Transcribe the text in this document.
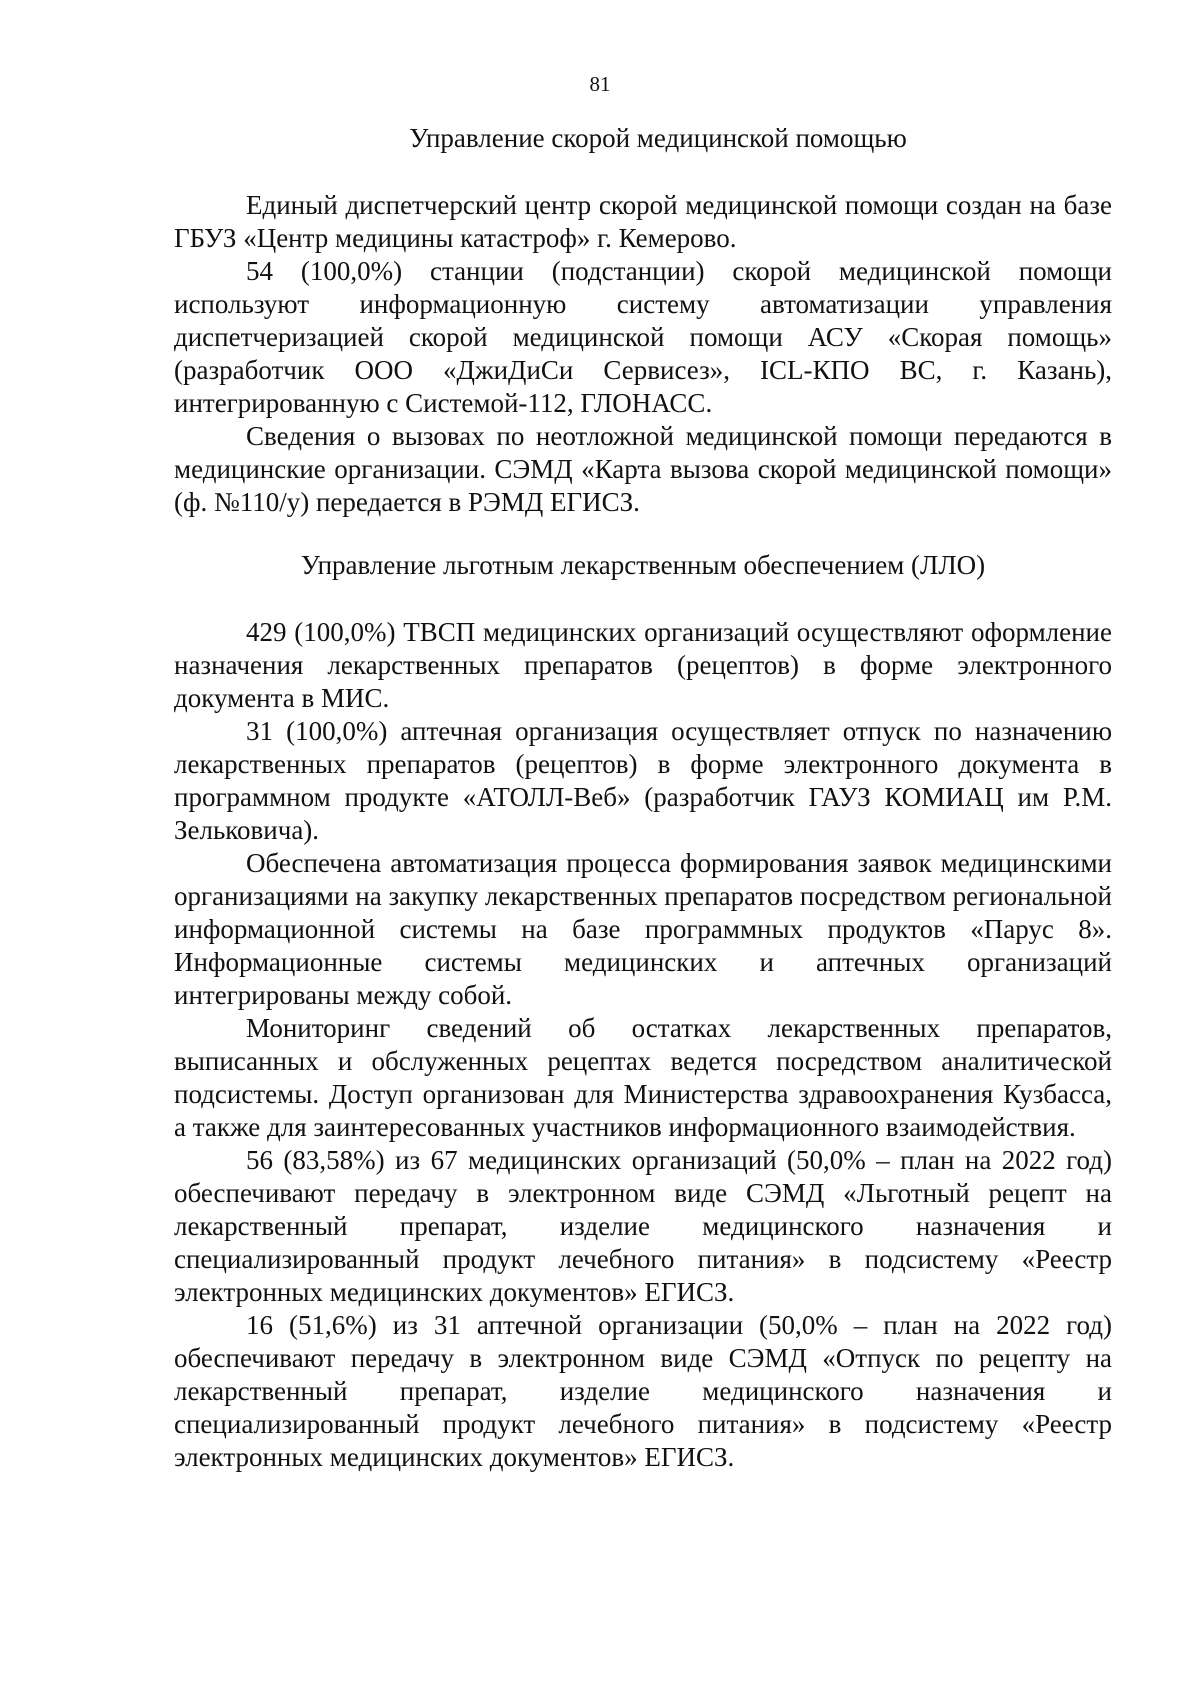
81
Управление скорой медицинской помощью

Единый диспетчерский центр скорой медицинской помощи создан на базе ГБУЗ «Центр медицины катастроф» г. Кемерово.

54 (100,0%) станции (подстанции) скорой медицинской помощи используют информационную систему автоматизации управления диспетчеризацией скорой медицинской помощи АСУ «Скорая помощь» (разработчик ООО «ДжиДиСи Сервисез», ICL-КПО ВС, г. Казань), интегрированную с Системой-112, ГЛОНАСС.

Сведения о вызовах по неотложной медицинской помощи передаются в медицинские организации. СЭМД «Карта вызова скорой медицинской помощи» (ф. №110/у) передается в РЭМД ЕГИСЗ.

Управление льготным лекарственным обеспечением (ЛЛО)

429 (100,0%) ТВСП медицинских организаций осуществляют оформление назначения лекарственных препаратов (рецептов) в форме электронного документа в МИС.

31 (100,0%) аптечная организация осуществляет отпуск по назначению лекарственных препаратов (рецептов) в форме электронного документа в программном продукте «АТОЛЛ-Веб» (разработчик ГАУЗ КОМИАЦ им Р.М. Зельковича).

Обеспечена автоматизация процесса формирования заявок медицинскими организациями на закупку лекарственных препаратов посредством региональной информационной системы на базе программных продуктов «Парус 8». Информационные системы медицинских и аптечных организаций интегрированы между собой.

Мониторинг сведений об остатках лекарственных препаратов, выписанных и обслуженных рецептах ведется посредством аналитической подсистемы. Доступ организован для Министерства здравоохранения Кузбасса, а также для заинтересованных участников информационного взаимодействия.

56 (83,58%) из 67 медицинских организаций (50,0% – план на 2022 год) обеспечивают передачу в электронном виде СЭМД «Льготный рецепт на лекарственный препарат, изделие медицинского назначения и специализированный продукт лечебного питания» в подсистему «Реестр электронных медицинских документов» ЕГИСЗ.

16 (51,6%) из 31 аптечной организации (50,0% – план на 2022 год) обеспечивают передачу в электронном виде СЭМД «Отпуск по рецепту на лекарственный препарат, изделие медицинского назначения и специализированный продукт лечебного питания» в подсистему «Реестр электронных медицинских документов» ЕГИСЗ.
